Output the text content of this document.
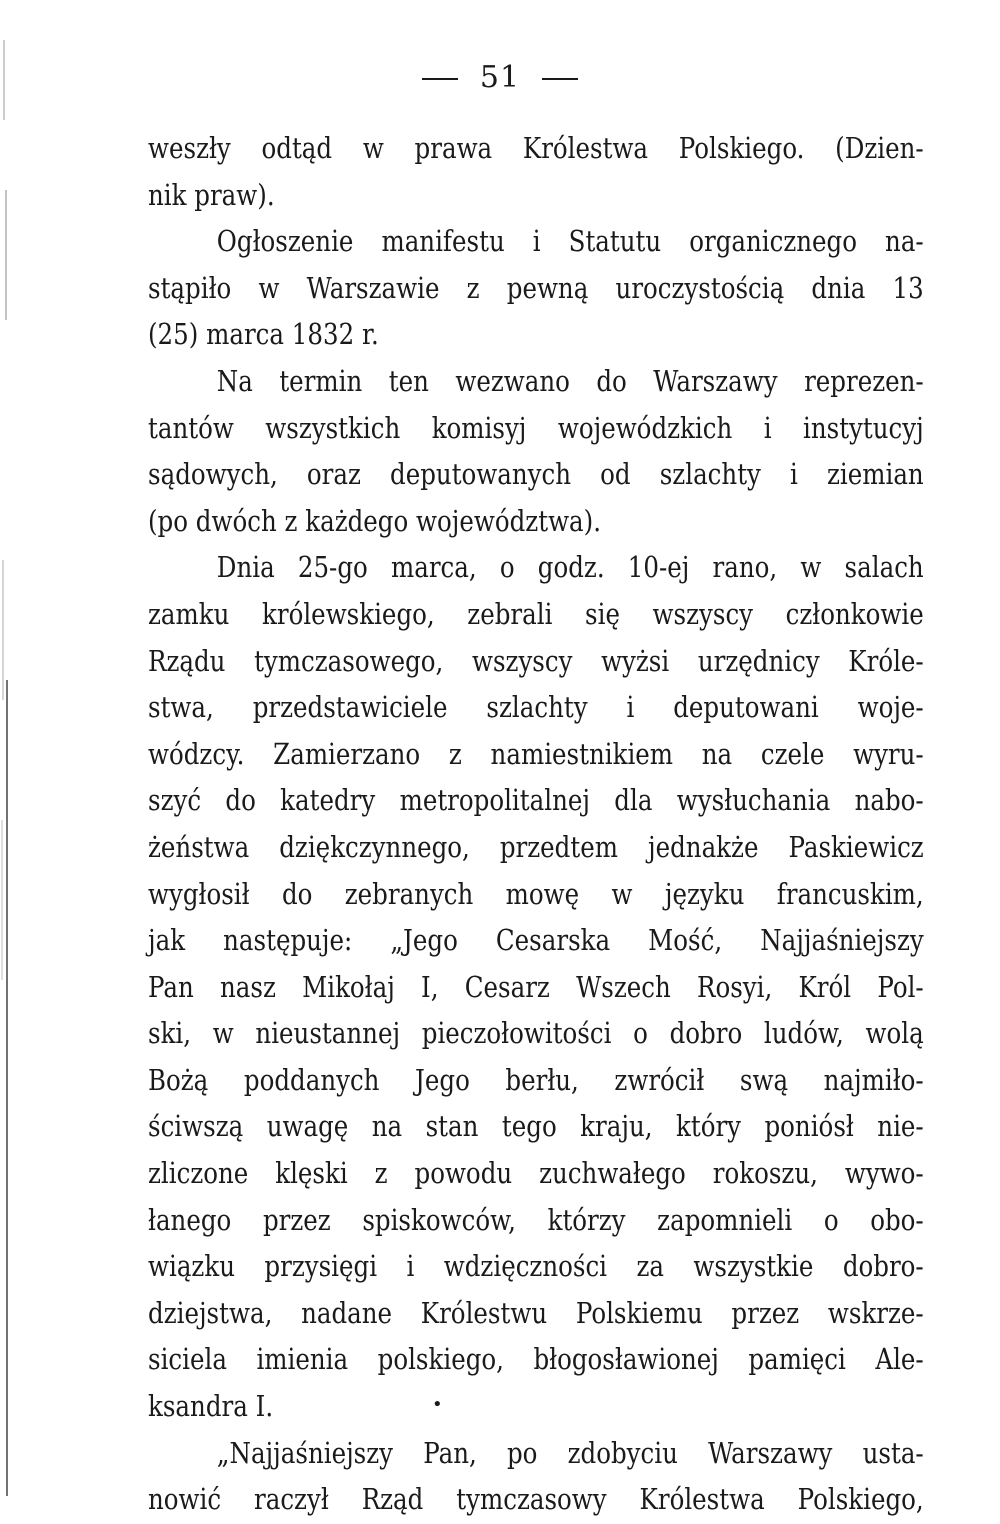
51
weszły odtąd w prawa Królestwa Polskiego. (Dzien-
nik praw).
Ogłoszenie manifestu i Statutu organicznego na-
stąpiło w Warszawie z pewną uroczystością dnia 13
(25) marca 1832 r.
Na termin ten wezwano do Warszawy reprezen-
tantów wszystkich komisyj wojewódzkich i instytucyj
sądowych, oraz deputowanych od szlachty i ziemian
(po dwóch z każdego województwa).
Dnia 25-go marca, o godz. 10-ej rano, w salach
zamku królewskiego, zebrali się wszyscy członkowie
Rządu tymczasowego, wszyscy wyżsi urzędnicy Króle-
stwa, przedstawiciele szlachty i deputowani woje-
wódzcy. Zamierzano z namiestnikiem na czele wyru-
szyć do katedry metropolitalnej dla wysłuchania nabo-
żeństwa dziękczynnego, przedtem jednakże Paskiewicz
wygłosił do zebranych mowę w języku francuskim,
jak następuje: „Jego Cesarska Mość, Najjaśniejszy
Pan nasz Mikołaj I, Cesarz Wszech Rosyi, Król Pol-
ski, w nieustannej pieczołowitości o dobro ludów, wolą
Bożą poddanych Jego berłu, zwrócił swą najmiło-
ściwszą uwagę na stan tego kraju, który poniósł nie-
zliczone klęski z powodu zuchwałego rokoszu, wywo-
łanego przez spiskowców, którzy zapomnieli o obo-
wiązku przysięgi i wdzięczności za wszystkie dobro-
dziejstwa, nadane Królestwu Polskiemu przez wskrze-
siciela imienia polskiego, błogosławionej pamięci Ale-
ksandra I.
„Najjaśniejszy Pan, po zdobyciu Warszawy usta-
nowić raczył Rząd tymczasowy Królestwa Polskiego,
•
